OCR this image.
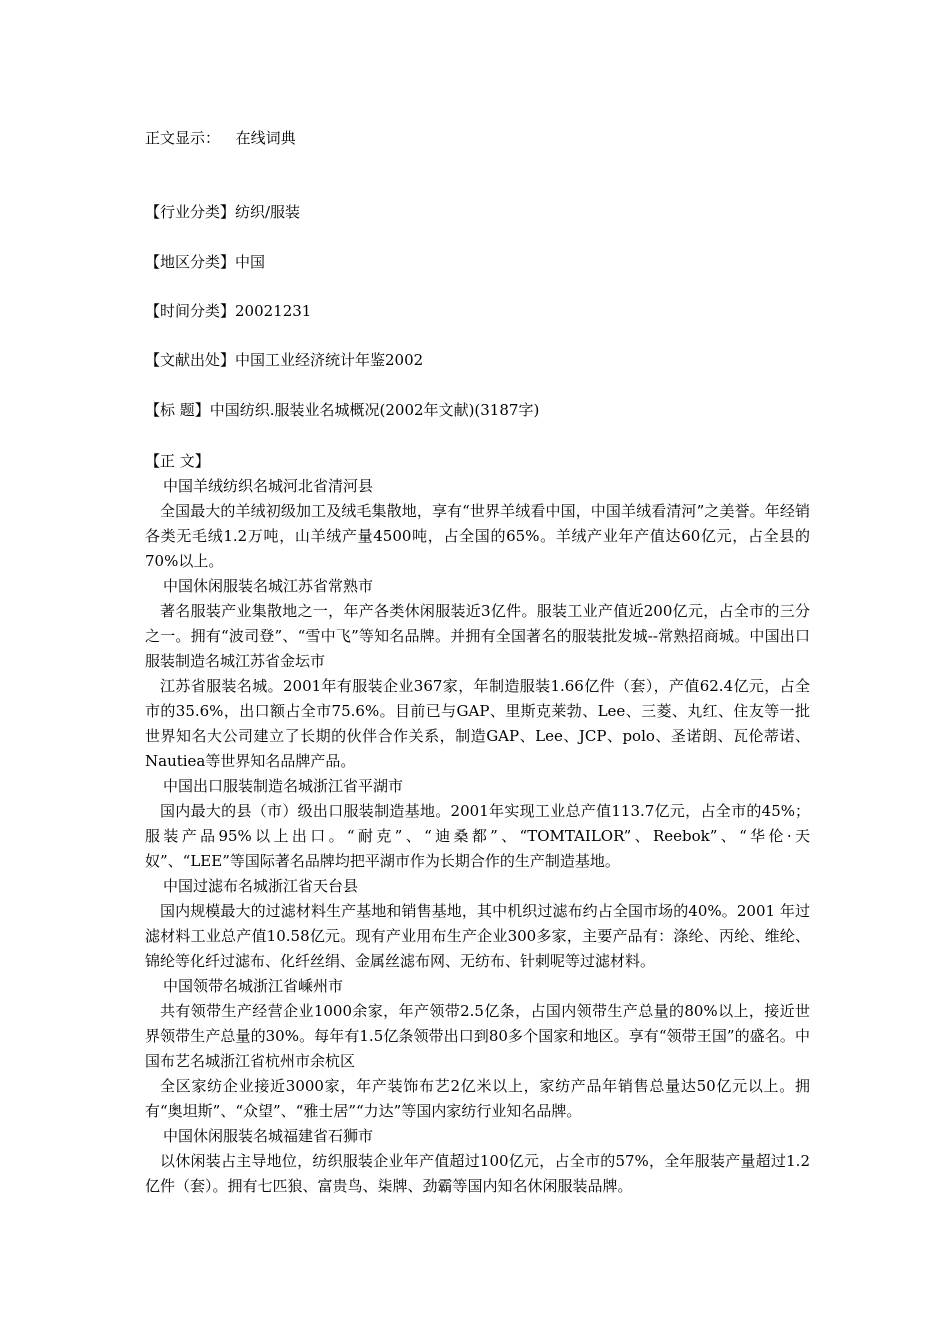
正文显示： 在线词典
【行业分类】纺织/服装
【地区分类】中国
【时间分类】20021231
【文献出处】中国工业经济统计年鉴2002
【标 题】中国纺织.服装业名城概况(2002年文献)(3187字)

【正 文】

中国羊绒纺织名城河北省清河县

全国最大的羊绒初级加工及绒毛集散地，享有“世界羊绒看中国，中国羊绒看清河”之美誉。年经销各类无毛绒1.2万吨，山羊绒产量4500吨，占全国的65%。羊绒产业年产值达60亿元，占全县的70%以上。

中国休闲服装名城江苏省常熟市

著名服装产业集散地之一，年产各类休闲服装近3亿件。服装工业产值近200亿元，占全市的三分之一。拥有“波司登”、“雪中飞”等知名品牌。并拥有全国著名的服装批发城--常熟招商城。中国出口服装制造名城江苏省金坛市

江苏省服装名城。2001年有服装企业367家，年制造服装1.66亿件（套），产值62.4亿元，占全市的35.6%，出口额占全市75.6%。目前已与GAP、里斯克莱勃、Lee、三菱、丸红、住友等一批世界知名大公司建立了长期的伙伴合作关系，制造GAP、Lee、JCP、polo、圣诺朗、瓦伦蒂诺、Nautiea等世界知名品牌产品。

中国出口服装制造名城浙江省平湖市

国内最大的县（市）级出口服装制造基地。2001年实现工业总产值113.7亿元，占全市的45%；服装产品95%以上出口。“耐克”、“迪桑都”、“TOMTAILOR”、Reebok”、“华伦·天奴”、“LEE”等国际著名品牌均把平湖市作为长期合作的生产制造基地。

中国过滤布名城浙江省天台县

国内规模最大的过滤材料生产基地和销售基地，其中机织过滤布约占全国市场的40%。2001 年过滤材料工业总产值10.58亿元。现有产业用布生产企业300多家，主要产品有：涤纶、丙纶、维纶、锦纶等化纤过滤布、化纤丝绢、金属丝滤布网、无纺布、针刺呢等过滤材料。

中国领带名城浙江省嵊州市

共有领带生产经营企业1000余家，年产领带2.5亿条，占国内领带生产总量的80%以上，接近世界领带生产总量的30%。每年有1.5亿条领带出口到80多个国家和地区。享有“领带王国”的盛名。中国布艺名城浙江省杭州市余杭区

全区家纺企业接近3000家，年产装饰布艺2亿米以上，家纺产品年销售总量达50亿元以上。拥有“奥坦斯”、“众望”、“雅士居”“力达”等国内家纺行业知名品牌。

中国休闲服装名城福建省石狮市

以休闲装占主导地位，纺织服装企业年产值超过100亿元，占全市的57%，全年服装产量超过1.2亿件（套）。拥有七匹狼、富贵鸟、柒牌、劲霸等国内知名休闲服装品牌。
